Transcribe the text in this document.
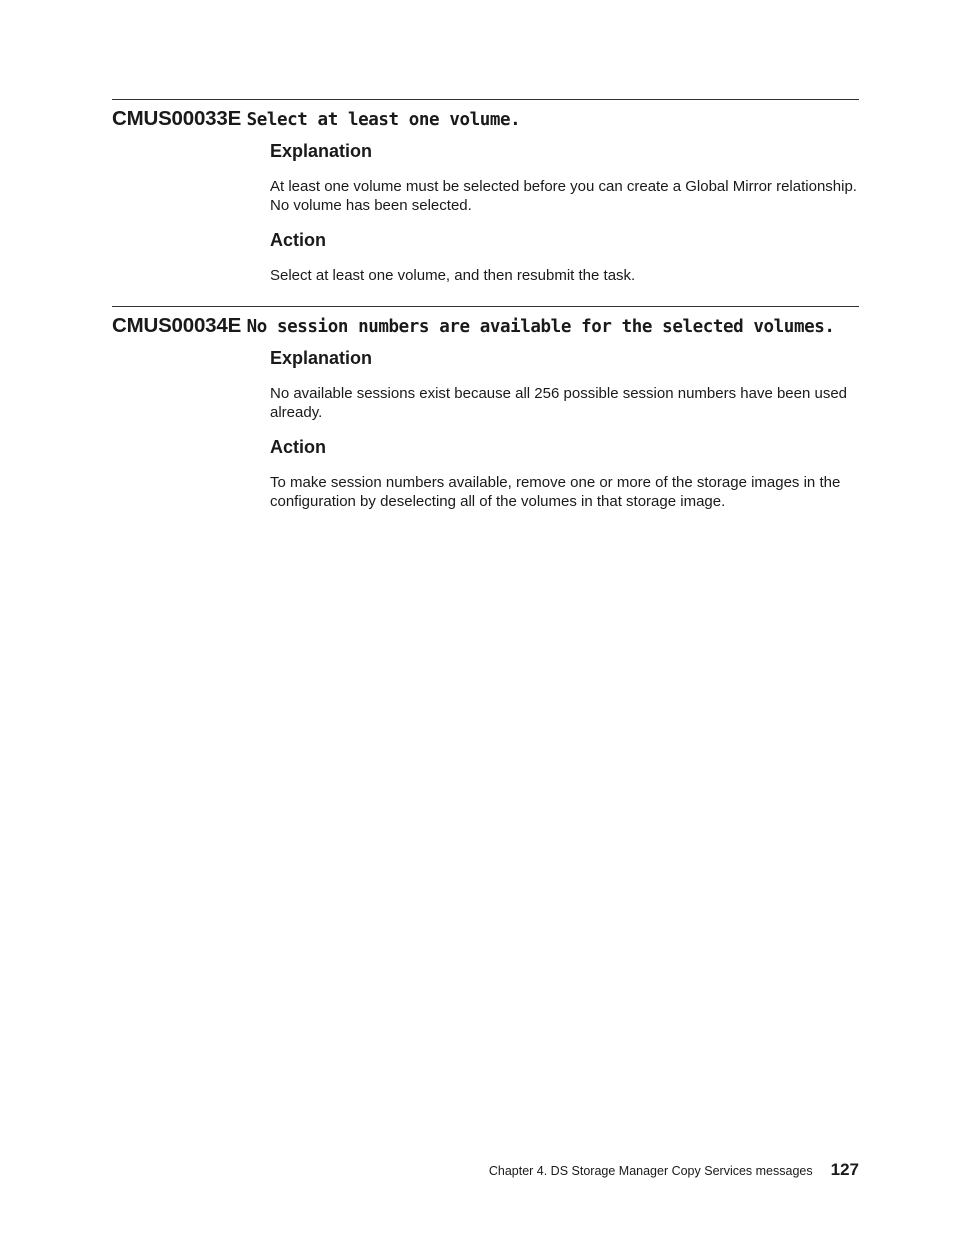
CMUS00033E Select at least one volume.
Explanation

At least one volume must be selected before you can create a Global Mirror relationship. No volume has been selected.

Action

Select at least one volume, and then resubmit the task.

CMUS00034E No session numbers are available for the selected volumes.
Explanation

No available sessions exist because all 256 possible session numbers have been used already.

Action

To make session numbers available, remove one or more of the storage images in the configuration by deselecting all of the volumes in that storage image.

Chapter 4. DS Storage Manager Copy Services messages 127
